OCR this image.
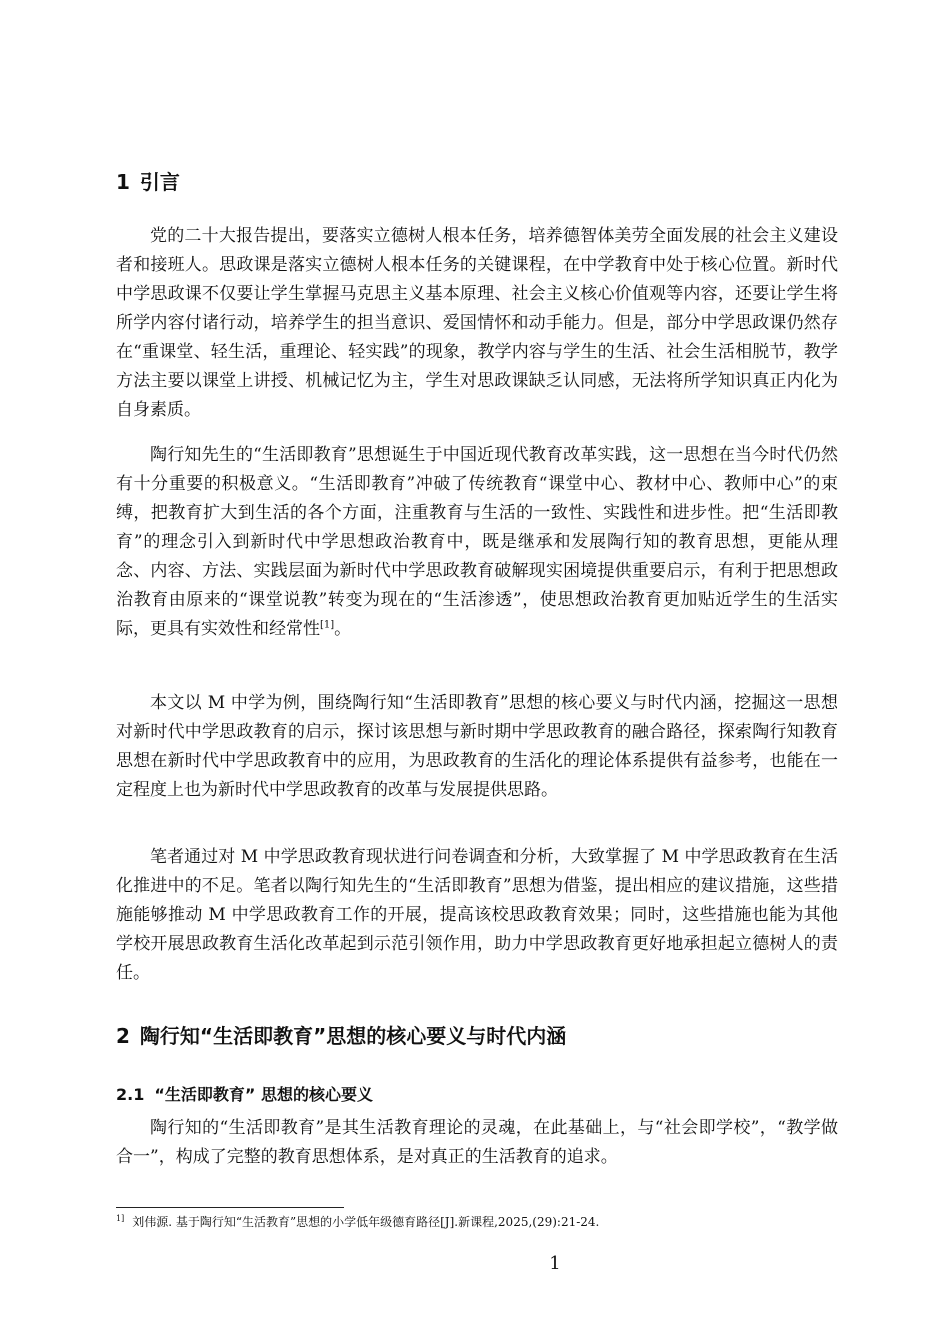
1 引言

党的二十大报告提出，要落实立德树人根本任务，培养德智体美劳全面发展的社会主义建设者和接班人。思政课是落实立德树人根本任务的关键课程，在中学教育中处于核心位置。新时代中学思政课不仅要让学生掌握马克思主义基本原理、社会主义核心价值观等内容，还要让学生将所学内容付诸行动，培养学生的担当意识、爱国情怀和动手能力。但是，部分中学思政课仍然存在“重课堂、轻生活，重理论、轻实践”的现象，教学内容与学生的生活、社会生活相脱节，教学方法主要以课堂上讲授、机械记忆为主，学生对思政课缺乏认同感，无法将所学知识真正内化为自身素质。

陶行知先生的“生活即教育”思想诞生于中国近现代教育改革实践，这一思想在当今时代仍然有十分重要的积极意义。“生活即教育”冲破了传统教育“课堂中心、教材中心、教师中心”的束缚，把教育扩大到生活的各个方面，注重教育与生活的一致性、实践性和进步性。把“生活即教育”的理念引入到新时代中学思想政治教育中，既是继承和发展陶行知的教育思想，更能从理念、内容、方法、实践层面为新时代中学思政教育破解现实困境提供重要启示，有利于把思想政治教育由原来的“课堂说教”转变为现在的“生活渗透”，使思想政治教育更加贴近学生的生活实际，更具有实效性和经常性[1]。

本文以 M 中学为例，围绕陶行知“生活即教育”思想的核心要义与时代内涵，挖掘这一思想对新时代中学思政教育的启示，探讨该思想与新时期中学思政教育的融合路径，探索陶行知教育思想在新时代中学思政教育中的应用，为思政教育的生活化的理论体系提供有益参考，也能在一定程度上也为新时代中学思政教育的改革与发展提供思路。

笔者通过对 M 中学思政教育现状进行问卷调查和分析，大致掌握了 M 中学思政教育在生活化推进中的不足。笔者以陶行知先生的“生活即教育”思想为借鉴，提出相应的建议措施，这些措施能够推动 M 中学思政教育工作的开展，提高该校思政教育效果；同时，这些措施也能为其他学校开展思政教育生活化改革起到示范引领作用，助力中学思政教育更好地承担起立德树人的责任。

2 陶行知“生活即教育”思想的核心要义与时代内涵
2.1 “生活即教育” 思想的核心要义

陶行知的“生活即教育”是其生活教育理论的灵魂，在此基础上，与“社会即学校”，“教学做合一”，构成了完整的教育思想体系，是对真正的生活教育的追求。

$^{1]}$ 刘伟源. 基于陶行知“生活教育”思想的小学低年级德育路径[J].新课程,2025,(29):21-24.
1
